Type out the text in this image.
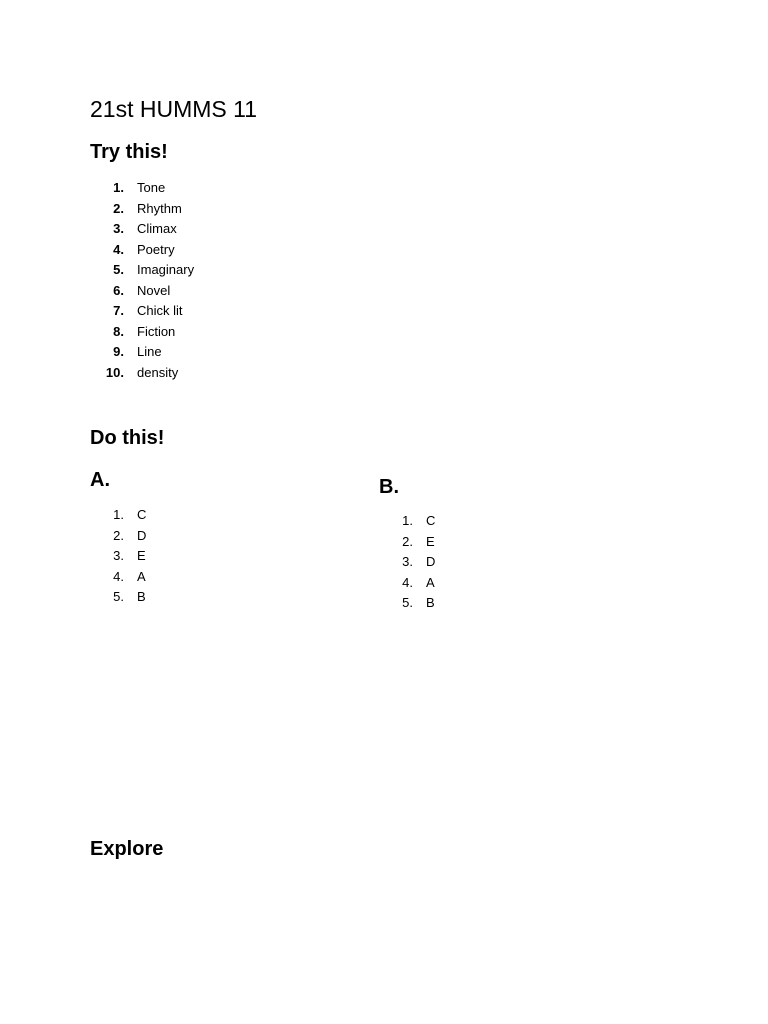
21st HUMMS 11
Try this!
1. Tone
2. Rhythm
3. Climax
4. Poetry
5. Imaginary
6. Novel
7. Chick lit
8. Fiction
9. Line
10. density
Do this!
A.
1. C
2. D
3. E
4. A
5. B
B.
1. C
2. E
3. D
4. A
5. B
Explore
